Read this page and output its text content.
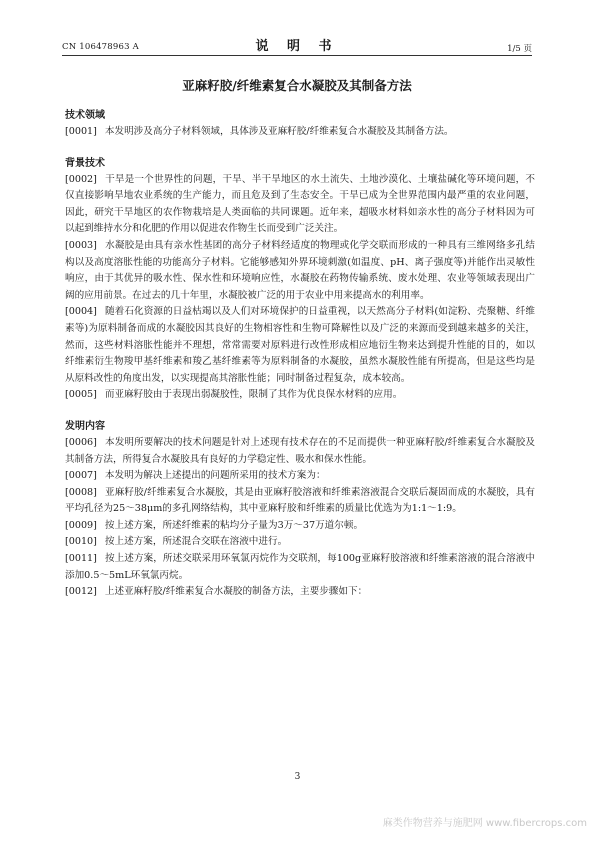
CN 106478963 A	说 明 书	1/5 页
亚麻籽胶/纤维素复合水凝胶及其制备方法
技术领域

[0001] 本发明涉及高分子材料领域，具体涉及亚麻籽胶/纤维素复合水凝胶及其制备方法。

背景技术

[0002] 干旱是一个世界性的问题，干旱、半干旱地区的水土流失、土地沙漠化、土壤盐碱化等环境问题，不仅直接影响旱地农业系统的生产能力，而且危及到了生态安全。干旱已成为全世界范围内最严重的农业问题，因此，研究干旱地区的农作物栽培是人类面临的共同课题。近年来，超吸水材料如亲水性的高分子材料因为可以起到维持水分和化肥的作用以促进农作物生长而受到广泛关注。

[0003] 水凝胶是由具有亲水性基团的高分子材料经适度的物理或化学交联而形成的一种具有三维网络多孔结构以及高度溶胀性能的功能高分子材料。它能够感知外界环境刺激(如温度、pH、离子强度等)并能作出灵敏性响应，由于其优异的吸水性、保水性和环境响应性，水凝胶在药物传输系统、废水处理、农业等领域表现出广阔的应用前景。在过去的几十年里，水凝胶被广泛的用于农业中用来提高水的利用率。

[0004] 随着石化资源的日益枯竭以及人们对环境保护的日益重视，以天然高分子材料(如淀粉、壳聚糖、纤维素等)为原料制备而成的水凝胶因其良好的生物相容性和生物可降解性以及广泛的来源而受到越来越多的关注，然而，这些材料溶胀性能并不理想，常常需要对原料进行改性形成相应地衍生物来达到提升性能的目的，如以纤维素衍生物羧甲基纤维素和羧乙基纤维素等为原料制备的水凝胶，虽然水凝胶性能有所提高，但是这些均是从原料改性的角度出发，以实现提高其溶胀性能；同时制备过程复杂，成本较高。

[0005] 而亚麻籽胶由于表现出弱凝胶性，限制了其作为优良保水材料的应用。

发明内容

[0006] 本发明所要解决的技术问题是针对上述现有技术存在的不足而提供一种亚麻籽胶/纤维素复合水凝胶及其制备方法，所得复合水凝胶具有良好的力学稳定性、吸水和保水性能。

[0007] 本发明为解决上述提出的问题所采用的技术方案为：

[0008] 亚麻籽胶/纤维素复合水凝胶，其是由亚麻籽胶溶液和纤维素溶液混合交联后凝固而成的水凝胶，具有平均孔径为25～38μm的多孔网络结构，其中亚麻籽胶和纤维素的质量比优选为为1:1～1:9。

[0009] 按上述方案，所述纤维素的粘均分子量为3万～37万道尔顿。

[0010] 按上述方案，所述混合交联在溶液中进行。

[0011] 按上述方案，所述交联采用环氧氯丙烷作为交联剂，每100g亚麻籽胶溶液和纤维素溶液的混合溶液中添加0.5～5mL环氧氯丙烷。

[0012] 上述亚麻籽胶/纤维素复合水凝胶的制备方法，主要步骤如下：

3
麻类作物营养与施肥网 www.fibercrops.com
